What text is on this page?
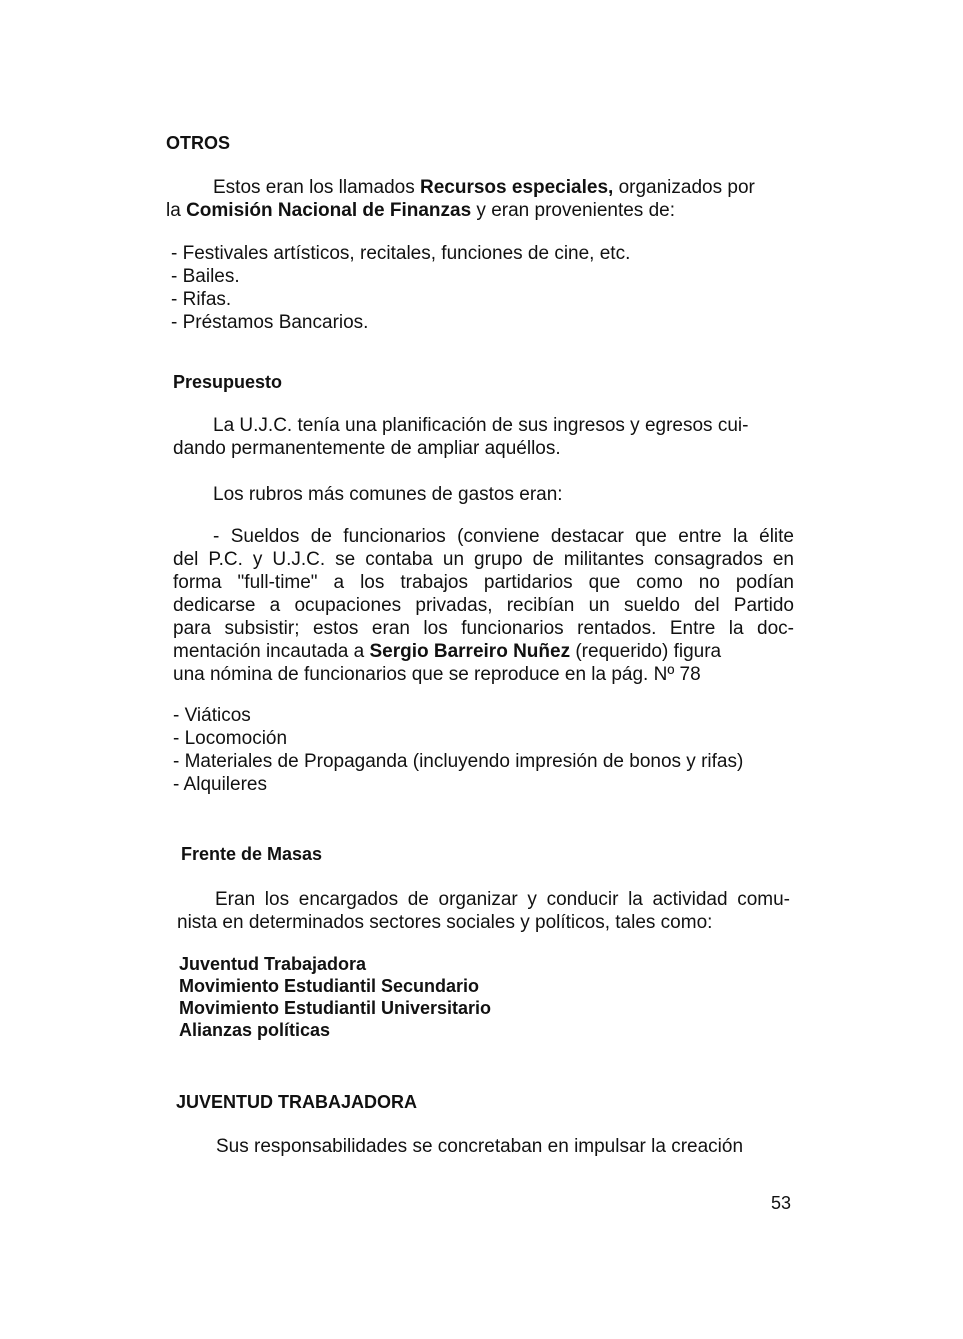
OTROS
Estos eran los llamados Recursos especiales, organizados por
la Comisión Nacional de Finanzas y eran provenientes de:
- Festivales artísticos, recitales, funciones de cine, etc.
- Bailes.
- Rifas.
- Préstamos Bancarios.
Presupuesto
La U.J.C. tenía una planificación de sus ingresos y egresos cui-
dando permanentemente de ampliar aquéllos.
Los rubros más comunes de gastos eran:
- Sueldos de funcionarios (conviene destacar que entre la élite
del P.C. y U.J.C. se contaba un grupo de militantes consagrados en
forma "full-time" a los trabajos partidarios que como no podían
dedicarse a ocupaciones privadas, recibían un sueldo del Partido
para subsistir; estos eran los funcionarios rentados. Entre la doc-
mentación incautada a Sergio Barreiro Nuñez (requerido) figura
una nómina de funcionarios que se reproduce en la pág. Nº 78
- Viáticos
- Locomoción
- Materiales de Propaganda (incluyendo impresión de bonos y rifas)
- Alquileres
Frente de Masas
Eran los encargados de organizar y conducir la actividad comu-
nista en determinados sectores sociales y políticos, tales como:
Juventud Trabajadora
Movimiento Estudiantil Secundario
Movimiento Estudiantil Universitario
Alianzas políticas
JUVENTUD TRABAJADORA
Sus responsabilidades se concretaban en impulsar la creación
53
